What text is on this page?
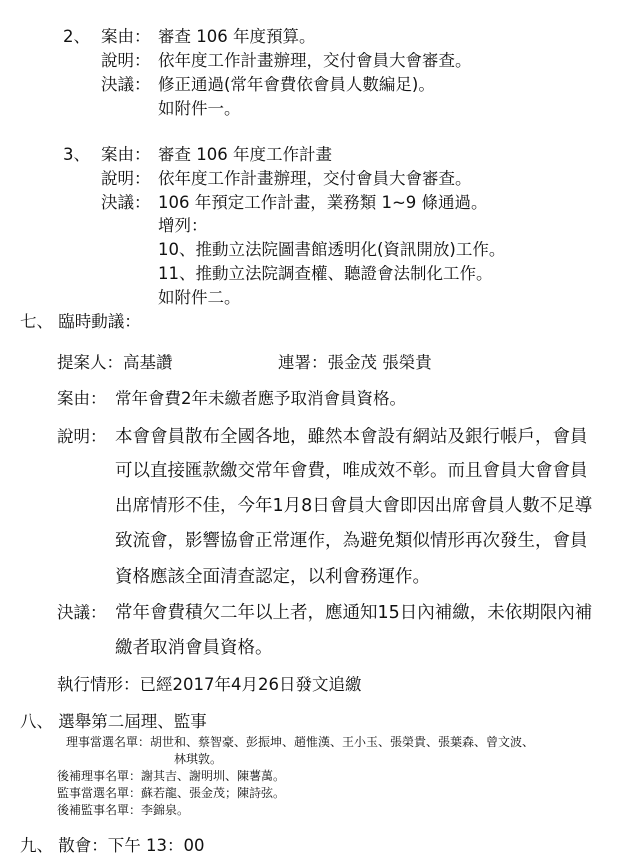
2、 案由： 審查 106 年度預算。
說明： 依年度工作計畫辦理，交付會員大會審查。
決議： 修正通過(常年會費依會員人數編足)。
如附件一。
3、 案由： 審查 106 年度工作計畫
說明： 依年度工作計畫辦理，交付會員大會審查。
決議： 106 年預定工作計畫，業務類 1~9 條通過。
增列：
10、推動立法院圖書館透明化(資訊開放)工作。
11、推動立法院調查權、聽證會法制化工作。
如附件二。
七、 臨時動議：
提案人：高基讚	連署：張金茂 張榮貴
案由： 常年會費2年未繳者應予取消會員資格。
說明： 本會會員散布全國各地，雖然本會設有網站及銀行帳戶，會員
可以直接匯款繳交常年會費，唯成效不彰。而且會員大會會員
出席情形不佳，今年1月8日會員大會即因出席會員人數不足導
致流會，影響協會正常運作，為避免類似情形再次發生，會員
資格應該全面清查認定，以利會務運作。
決議： 常年會費積欠二年以上者，應通知15日內補繳，未依期限內補
繳者取消會員資格。
執行情形：已經2017年4月26日發文追繳
八、 選舉第二屆理、監事
理事當選名單：胡世和、蔡智豪、彭振坤、趙惟漢、王小玉、張榮貴、張葉森、曾文波、
林琪敦。
後補理事名單：謝其吉、謝明圳、陳薯萬。
監事當選名單：蘇若龍、張金茂；陳詩弦。
後補監事名單：李錦泉。
九、 散會：下午 13：00
